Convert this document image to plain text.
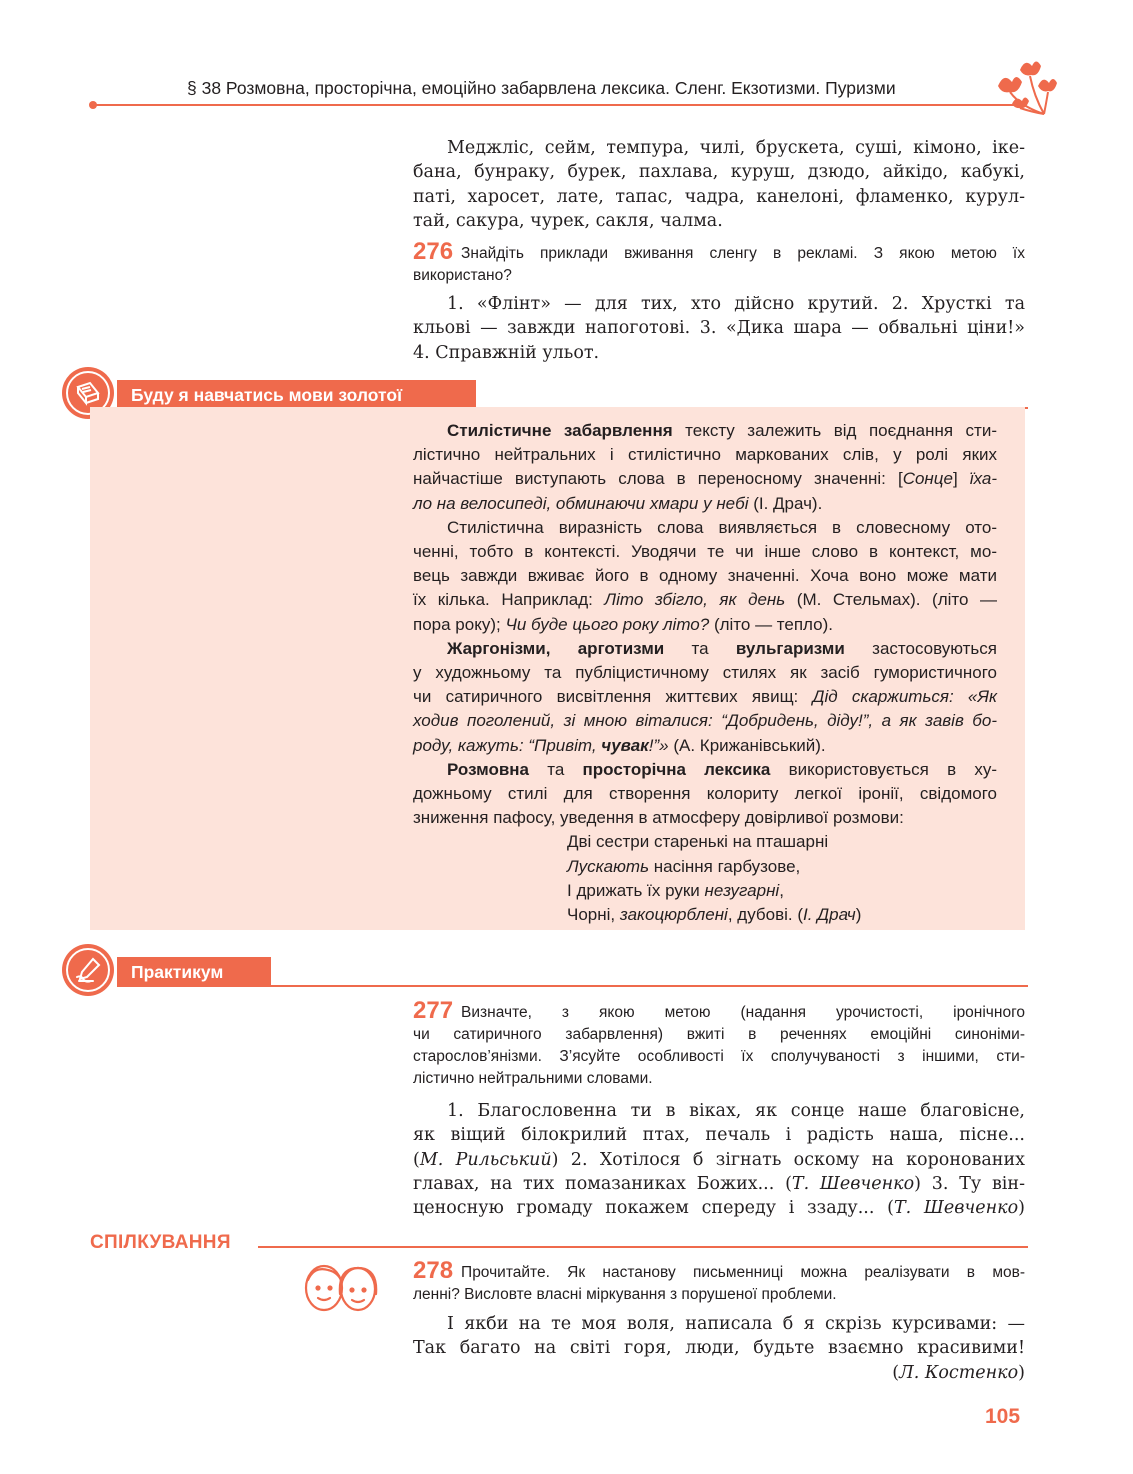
§ 38 Розмовна, просторічна, емоційно забарвлена лексика. Сленг. Екзотизми. Пуризми
Меджліс, сейм, темпура, чилі, брускета, суші, кімоно, іке-
бана, бунраку, бурек, пахлава, куруш, дзюдо, айкідо, кабукі,
паті, харосет, лате, тапас, чадра, канелоні, фламенко, курул-
тай, сакура, чурек, сакля, чалма.
276 Знайдіть приклади вживання сленгу в рекламі. З якою метою їх
використано?
1. «Флінт» — для тих, хто дійсно крутий. 2. Хрусткі та
кльові — завжди напоготові. 3. «Дика шара — обвальні ціни!»
4. Справжній ульот.
Буду я навчатись мови золотої
Стилістичне забарвлення тексту залежить від поєднання сти-
лістично нейтральних і стилістично маркованих слів, у ролі яких
найчастіше виступають слова в переносному значенні: [Сонце] їха-
ло на велосипеді, обминаючи хмари у небі (І. Драч).
Стилістична виразність слова виявляється в словесному ото-
ченні, тобто в контексті. Уводячи те чи інше слово в контекст, мо-
вець завжди вживає його в одному значенні. Хоча воно може мати
їх кілька. Наприклад: Літо збігло, як день (М. Стельмах). (літо —
пора року); Чи буде цього року літо? (літо — тепло).
Жаргонізми, арготизми та вульгаризми застосовуються
у художньому та публіцистичному стилях як засіб гумористичного
чи сатиричного висвітлення життєвих явищ: Дід скаржиться: «Як
ходив поголений, зі мною віталися: “Добридень, діду!”, а як завів бо-
роду, кажуть: “Привіт, чувак!”» (А. Крижанівський).
Розмовна та просторічна лексика використовується в ху-
дожньому стилі для створення колориту легкої іронії, свідомого
зниження пафосу, уведення в атмосферу довірливої розмови:
Дві сестри старенькі на пташарні
Лускають насіння гарбузове,
І дрижать їх руки незугарні,
Чорні, закоцюрблені, дубові. (І. Драч)
Практикум
277 Визначте, з якою метою (надання урочистості, іронічного
чи сатиричного забарвлення) вжиті в реченнях емоційні синоніми-
старослов’янізми. З’ясуйте особливості їх сполучуваності з іншими, сти-
лістично нейтральними словами.
1. Благословенна ти в віках, як сонце наше благовісне,
як віщий білокрилий птах, печаль і радість наша, пісне...
(М. Рильський) 2. Хотілося б зігнать оскому на коронованих
главах, на тих помазаниках Божих... (Т. Шевченко) 3. Ту він-
ценосную громаду покажем спереду і ззаду... (Т. Шевченко)
СПІЛКУВАННЯ
278 Прочитайте. Як настанову письменниці можна реалізувати в мов-
ленні? Висловте власні міркування з порушеної проблеми.
І якби на те моя воля, написала б я скрізь курсивами: —
Так багато на світі горя, люди, будьте взаємно красивими!
(Л. Костенко)
105
